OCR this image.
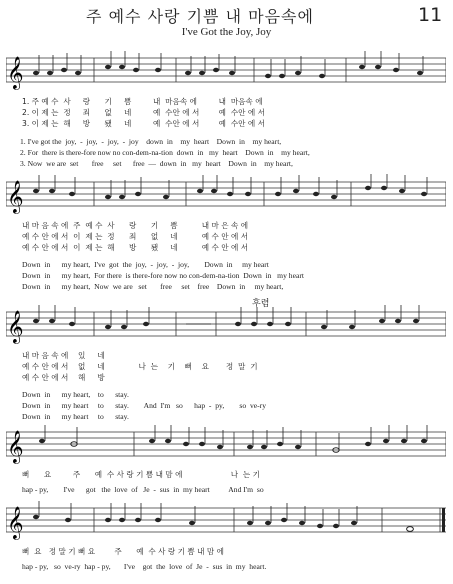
주 예수 사랑 기쁨 내 마음속에	11
I've Got the Joy, Joy
𝄞
1. 주 예 수  사     랑      기     쁨         내  마음속 에         내  마음속 에
2. 이 제 는  정     죄      없     네         예  수안 에 서        예  수안 에 서
3. 이 제 는  해     방      됐     네         예  수안 에 서        예  수안 에 서
1. I've got the  joy,  -  joy,  -  joy,  -  joy    down  in    my  heart    Down  in    my heart,
2. For  there is there-fore now no con-dem-na-tion  down  in   my  heart    Down  in    my heart,
3. Now  we are  set       free     set      free  —  down  in   my  heart    Down  in    my heart,
𝄞
내 마 음 속 에  주  예 수  사      랑      기     쁨          내 마 은 속 에
예 수 안 에 서  이  제 는  정      죄      없     네          예 수 안 에 서
예 수 안 에 서  이  제 는  해      방      됐     네          예 수 안 에 서
Down  in      my heart,  I've  got  the  joy,  -  joy,  -  joy,        Down  in     my heart
Down  in      my heart,  For there  is there-fore now no con-dem-na-tion  Down  in   my heart
Down  in      my heart,  Now  we are   set       free     set    free    Down  in     my heart,
후렴
𝄞
내 마 음 속 에    있     네
예 수 안 에 서    없     네              나  는    기    뻐    요       정  말  기
예 수 안 에 서    해     방
Down  in      my heart,    to      stay.
Down  in      my heart     to      stay.        And  I'm   so      hap  -  py,        so  ve-ry
Down  in      my heart     to      stay.
𝄞
뻐      요         주      예  수 사 랑 기 쁨 내 맘 에                    나  는 기
hap - py,        I've      got   the  love  of   Je  -  sus  in  my heart          And I'm  so
𝄞
뻐  요   정 말 기 뻐 요        주      예  수 사 랑 기 쁨 내 맘 에
hap - py,   so  ve-ry  hap - py,       I've    got  the  love  of  Je  -  sus  in  my  heart.
